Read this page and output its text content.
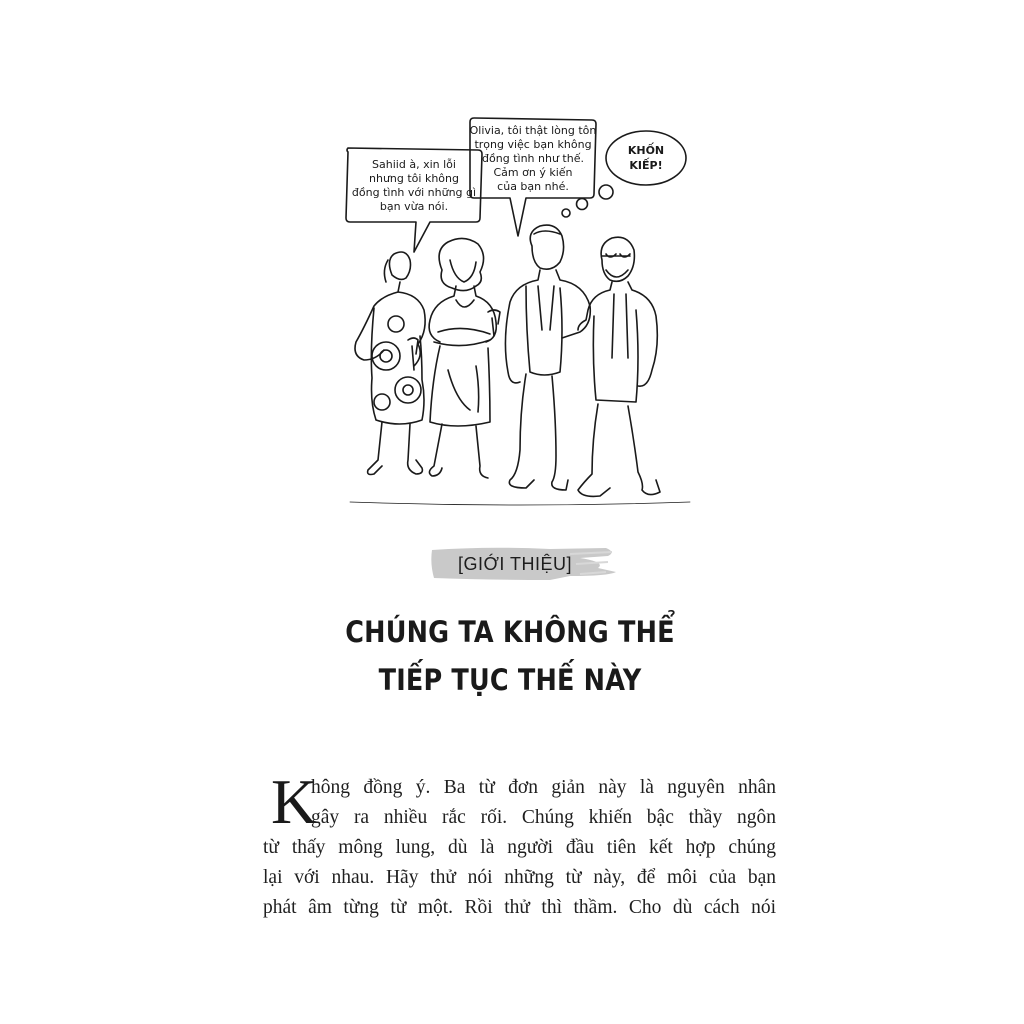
Sahiid à, xin lỗi
nhưng tôi không
đồng tình với những gì
bạn vừa nói.
Olivia, tôi thật lòng tôn
trọng việc bạn không
đồng tình như thế.
Cảm ơn ý kiến
của bạn nhé.
KHỐN
KIẾP!
[GIỚI THIỆU]
CHÚNG TA KHÔNG THỂ
TIẾP TỤC THẾ NÀY
K
hông đồng ý. Ba từ đơn giản này là nguyên nhân
gây ra nhiều rắc rối. Chúng khiến bậc thầy ngôn
từ thấy mông lung, dù là người đầu tiên kết hợp chúng
lại với nhau. Hãy thử nói những từ này, để môi của bạn
phát âm từng từ một. Rồi thử thì thầm. Cho dù cách nói
